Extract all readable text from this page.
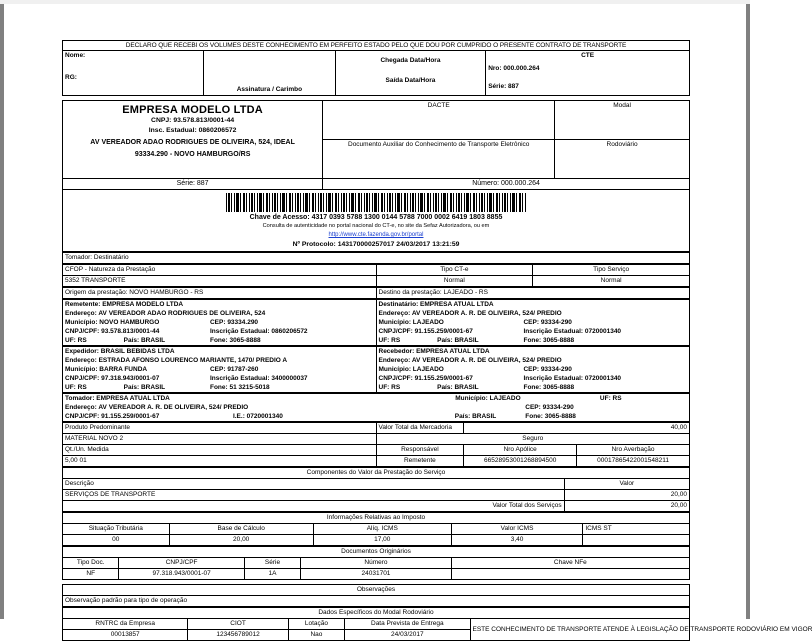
DECLARO QUE RECEBI OS VOLUMES DESTE CONHECIMENTO EM PERFEITO ESTADO PELO QUE DOU POR CUMPRIDO O PRESENTE CONTRATO DE TRANSPORTE

Nome:
RG:

Assinatura / Carimbo

Chegada Data/Hora
Saída Data/Hora

CTE
Nro: 000.000.264
Série: 887
EMPRESA MODELO LTDA
CNPJ: 93.578.813/0001-44
Insc. Estadual: 0860206572
AV VEREADOR ADAO RODRIGUES DE OLIVEIRA, 524, IDEAL
93334.290 - NOVO HAMBURGO/RS	DACTE	Modal
	Documento Auxiliar do Conhecimento de Transporte Eletrônico	Rodoviário
Série: 887	Número: 000.000.264	

Chave de Acesso: 4317 0393 5788 1300 0144 5788 7000 0002 6419 1803 8855
Consulta de autenticidade no portal nacional do CT-e, no site da Sefaz Autorizadora, ou em
http://www.cte.fazenda.gov.br/portal
Nº Protocolo: 143170000257017 24/03/2017 13:21:59		
Tomador: Destinatário
CFOP - Natureza da Prestação	Tipo CT-e	Tipo Serviço
5352 TRANSPORTE	Normal	Normal
Origem da prestação: NOVO HAMBURGO - RS	Destino da prestação: LAJEADO - RS
Remetente: EMPRESA MODELO LTDA
Endereço: AV VEREADOR ADAO RODRIGUES DE OLIVEIRA, 524
Município: NOVO HAMBURGO	CEP: 93334.290
CNPJ/CPF: 93.578.813/0001-44	Inscrição Estadual: 0860206572
UF: RS	País: BRASIL	Fone: 3065-8888

Destinatário: EMPRESA ATUAL LTDA
Endereço: AV VEREADOR A. R. DE OLIVEIRA, 524/ PREDIO
Município: LAJEADO	CEP: 93334-290
CNPJ/CPF: 91.155.259/0001-67	Inscrição Estadual: 0720001340
UF: RS	País: BRASIL	Fone: 3065-8888
Expedidor: BRASIL BEBIDAS LTDA
Endereço: ESTRADA AFONSO LOURENCO MARIANTE, 1470/ PREDIO A
Município: BARRA FUNDA	CEP: 91787-260
CNPJ/CPF: 97.318.943/0001-07	Inscrição Estadual: 3400000037
UF: RS	País: BRASIL	Fone: 51 3215-5018

Recebedor: EMPRESA ATUAL LTDA
Endereço: AV VEREADOR A. R. DE OLIVEIRA, 524/ PREDIO
Município: LAJEADO	CEP: 93334-290
CNPJ/CPF: 91.155.259/0001-67	Inscrição Estadual: 0720001340
UF: RS	País: BRASIL	Fone: 3065-8888
Tomador: EMPRESA ATUAL LTDA	Município: LAJEADO	UF: RS
Endereço: AV VEREADOR A. R. DE OLIVEIRA, 524/ PREDIO	CEP: 93334-290
CNPJ/CPF: 91.155.259/0001-67	I.E.: 0720001340	País: BRASIL	Fone: 3065-8888
Produto Predominante	Valor Total da Mercadoria	40,00	
MATERIAL NOVO 2	Seguro		
Qt./Un. Medida	Responsável	Nro Apólice	Nro Averbação
5,00 01	Remetente	66528953001268894500	00017865422001548211
Componentes do Valor da Prestação do Serviço	
Descrição	Valor
SERVIÇOS DE TRANSPORTE	20,00
Valor Total dos Serviços	20,00
Informações Relativas ao Imposto				
Situação Tributária	Base de Cálculo	Alíq. ICMS	Valor ICMS	ICMS ST
00	20,00	17,00	3,40	
Documentos Originários				
Tipo Doc.	CNPJ/CPF	Série	Número	Chave NFe
NF	97.318.943/0001-07	1A	24031701	
Observações
Observação padrão para tipo de operação
Dados Específicos do Modal Rodoviário				
RNTRC da Empresa	CIOT	Lotação	Data Prevista de Entrega	ESTE CONHECIMENTO DE TRANSPORTE ATENDE À LEGISLAÇÃO DE TRANSPORTE RODOVIÁRIO EM VIGOR
00013857	123456789012	Nao	24/03/2017	
